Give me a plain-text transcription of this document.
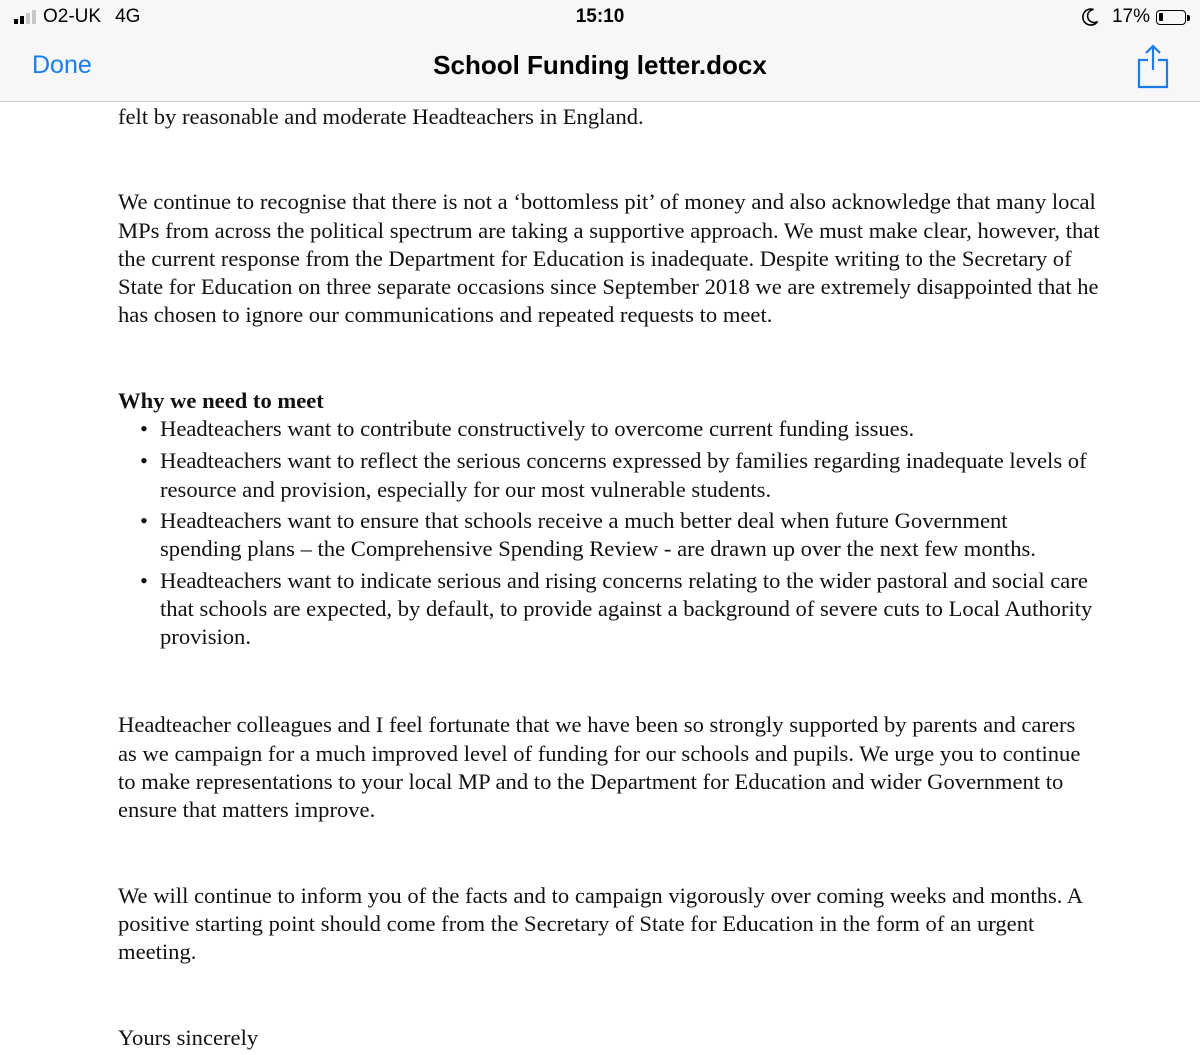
O2-UK 4G	15:10	17%
Done	School Funding letter.docx

felt by reasonable and moderate Headteachers in England.

We continue to recognise that there is not a ‘bottomless pit’ of money and also acknowledge that many local MPs from across the political spectrum are taking a supportive approach. We must make clear, however, that the current response from the Department for Education is inadequate. Despite writing to the Secretary of State for Education on three separate occasions since September 2018 we are extremely disappointed that he has chosen to ignore our communications and repeated requests to meet.

Why we need to meet

• Headteachers want to contribute constructively to overcome current funding issues.
• Headteachers want to reflect the serious concerns expressed by families regarding inadequate levels of resource and provision, especially for our most vulnerable students.
• Headteachers want to ensure that schools receive a much better deal when future Government spending plans – the Comprehensive Spending Review - are drawn up over the next few months.
• Headteachers want to indicate serious and rising concerns relating to the wider pastoral and social care that schools are expected, by default, to provide against a background of severe cuts to Local Authority provision.

Headteacher colleagues and I feel fortunate that we have been so strongly supported by parents and carers as we campaign for a much improved level of funding for our schools and pupils. We urge you to continue to make representations to your local MP and to the Department for Education and wider Government to ensure that matters improve.

We will continue to inform you of the facts and to campaign vigorously over coming weeks and months. A positive starting point should come from the Secretary of State for Education in the form of an urgent meeting.

Yours sincerely
